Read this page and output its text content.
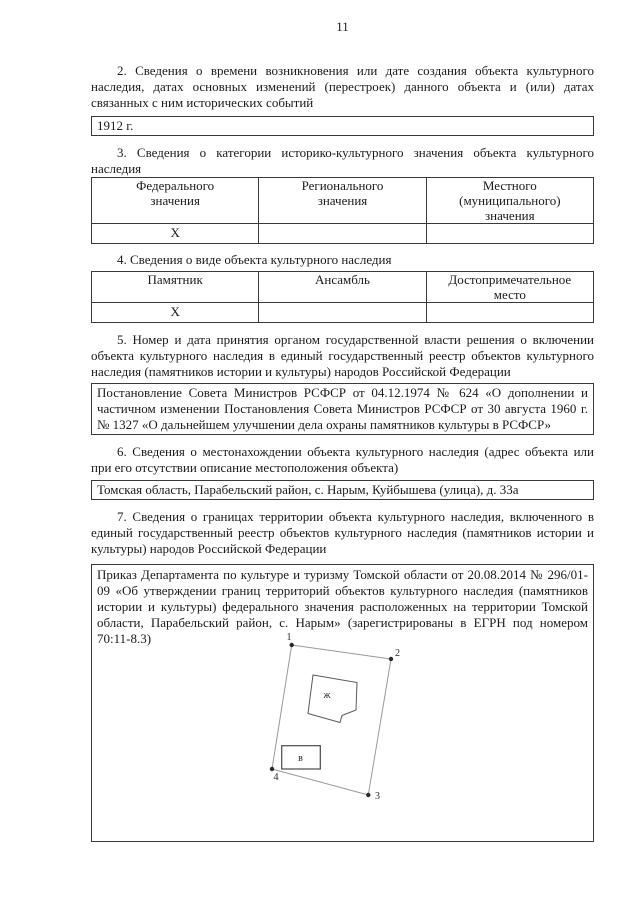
11

2. Сведения о времени возникновения или дате создания объекта культурного наследия, датах основных изменений (перестроек) данного объекта и (или) датах связанных с ним исторических событий

1912 г.

3. Сведения о категории историко-культурного значения объекта культурного наследия

Федерального значения	Регионального значения	Местного (муниципального) значения
Х		

4. Сведения о виде объекта культурного наследия

Памятник	Ансамбль	Достопримечательное место
Х		

5. Номер и дата принятия органом государственной власти решения о включении объекта культурного наследия в единый государственный реестр объектов культурного наследия (памятников истории и культуры) народов Российской Федерации

Постановление Совета Министров РСФСР от 04.12.1974 № 624 «О дополнении и частичном изменении Постановления Совета Министров РСФСР от 30 августа 1960 г. № 1327 «О дальнейшем улучшении дела охраны памятников культуры в РСФСР»

6. Сведения о местонахождении объекта культурного наследия (адрес объекта или при его отсутствии описание местоположения объекта)

Томская область, Парабельский район, с. Нарым, Куйбышева (улица), д. 33а

7. Сведения о границах территории объекта культурного наследия, включенного в единый государственный реестр объектов культурного наследия (памятников истории и культуры) народов Российской Федерации

Приказ Департамента по культуре и туризму Томской области от 20.08.2014 № 296/01-09 «Об утверждении границ территорий объектов культурного наследия (памятников истории и культуры) федерального значения расположенных на территории Томской области, Парабельский район, с. Нарым» (зарегистрированы в ЕГРН под номером 70:11-8.3)	1
2
3
4
ж
в
